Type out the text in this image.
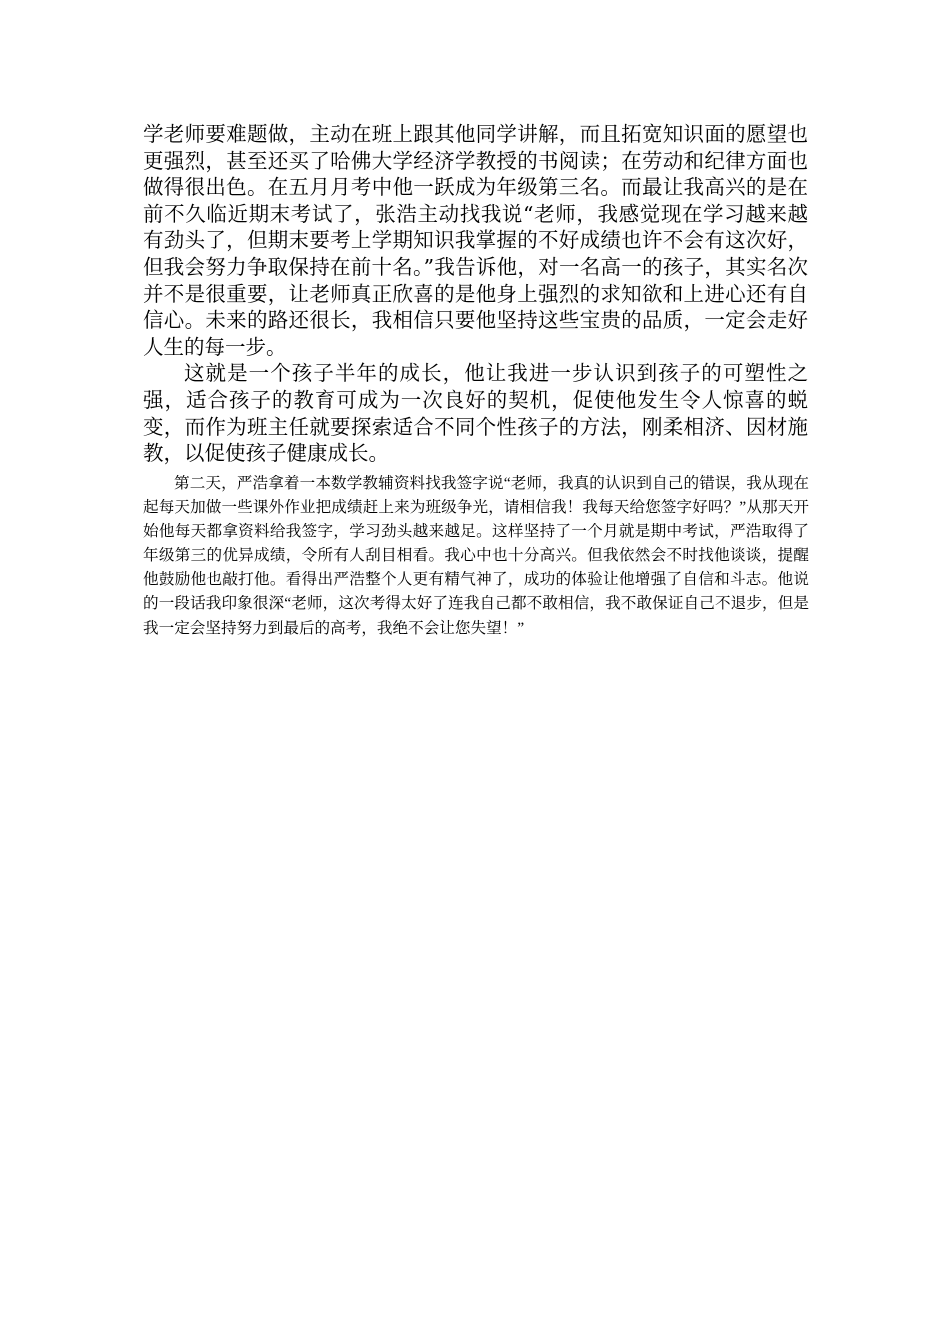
学老师要难题做，主动在班上跟其他同学讲解，而且拓宽知识面的愿望也更强烈，甚至还买了哈佛大学经济学教授的书阅读；在劳动和纪律方面也做得很出色。在五月月考中他一跃成为年级第三名。而最让我高兴的是在前不久临近期末考试了，张浩主动找我说“老师，我感觉现在学习越来越有劲头了，但期末要考上学期知识我掌握的不好成绩也许不会有这次好，但我会努力争取保持在前十名。”我告诉他，对一名高一的孩子，其实名次并不是很重要，让老师真正欣喜的是他身上强烈的求知欲和上进心还有自信心。未来的路还很长，我相信只要他坚持这些宝贵的品质，一定会走好人生的每一步。

这就是一个孩子半年的成长，他让我进一步认识到孩子的可塑性之强，适合孩子的教育可成为一次良好的契机，促使他发生令人惊喜的蜕变，而作为班主任就要探索适合不同个性孩子的方法，刚柔相济、因材施教，以促使孩子健康成长。

第二天，严浩拿着一本数学教辅资料找我签字说“老师，我真的认识到自己的错误，我从现在起每天加做一些课外作业把成绩赶上来为班级争光，请相信我！我每天给您签字好吗？”从那天开始他每天都拿资料给我签字，学习劲头越来越足。这样坚持了一个月就是期中考试，严浩取得了年级第三的优异成绩，令所有人刮目相看。我心中也十分高兴。但我依然会不时找他谈谈，提醒他鼓励他也敲打他。看得出严浩整个人更有精气神了，成功的体验让他增强了自信和斗志。他说的一段话我印象很深“老师，这次考得太好了连我自己都不敢相信，我不敢保证自己不退步，但是我一定会坚持努力到最后的高考，我绝不会让您失望！”
